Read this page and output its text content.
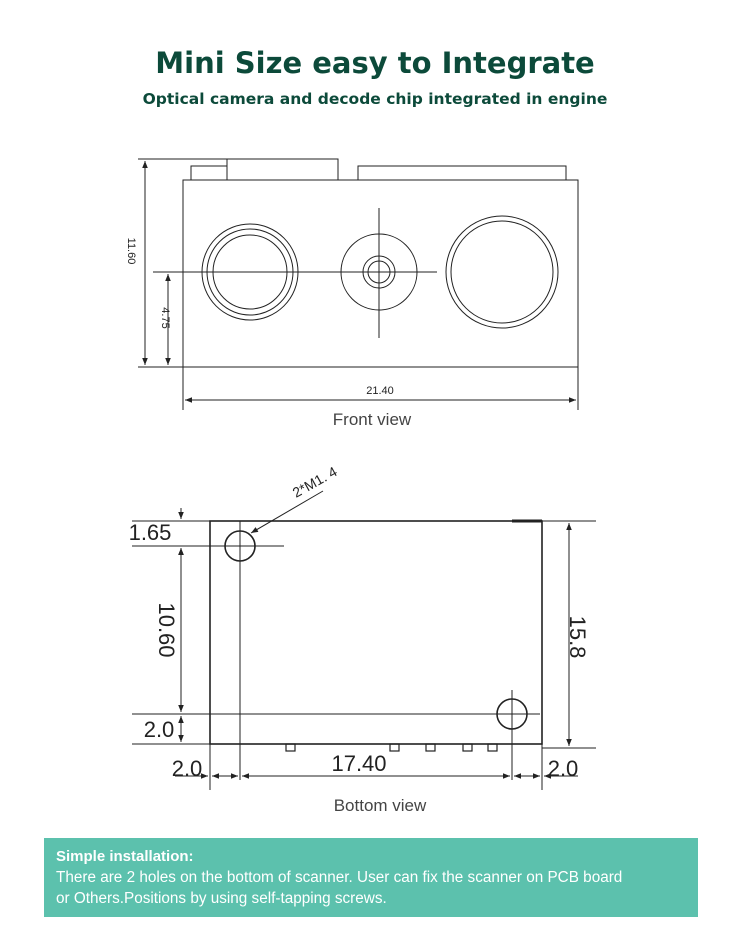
Mini Size easy to Integrate
Optical camera and decode chip integrated in engine
11.60
4.75
21.40
Front view
2*M1. 4
1.65
10.60
2.0
15.8
2.0	17.40	2.0
Bottom view
Simple installation:
There are 2 holes on the bottom of scanner. User can fix the scanner on PCB board
or Others.Positions by using self-tapping screws.
